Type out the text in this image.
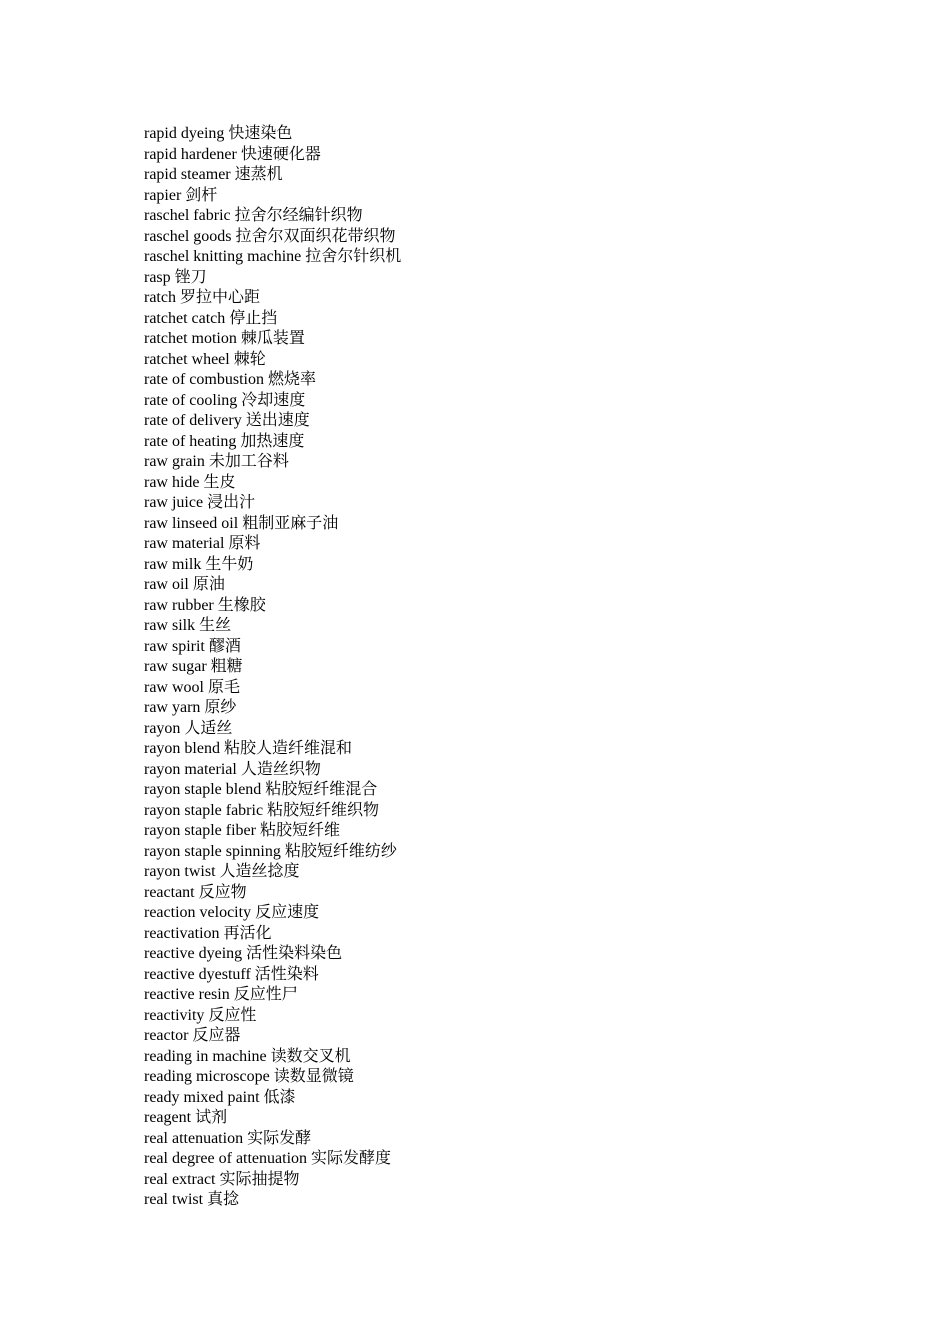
rapid dyeing 快速染色
rapid hardener 快速硬化器
rapid steamer 速蒸机
rapier 剑杆
raschel fabric 拉舍尔经编针织物
raschel goods 拉舍尔双面织花带织物
raschel knitting machine 拉舍尔针织机
rasp 锉刀
ratch 罗拉中心距
ratchet catch 停止挡
ratchet motion 棘瓜装置
ratchet wheel 棘轮
rate of combustion 燃烧率
rate of cooling 冷却速度
rate of delivery 送出速度
rate of heating 加热速度
raw grain 未加工谷料
raw hide 生皮
raw juice 浸出汁
raw linseed oil 粗制亚麻子油
raw material 原料
raw milk 生牛奶
raw oil 原油
raw rubber 生橡胶
raw silk 生丝
raw spirit 醪酒
raw sugar 粗糖
raw wool 原毛
raw yarn 原纱
rayon 人适丝
rayon blend 粘胶人造纤维混和
rayon material 人造丝织物
rayon staple blend 粘胶短纤维混合
rayon staple fabric 粘胶短纤维织物
rayon staple fiber 粘胶短纤维
rayon staple spinning 粘胶短纤维纺纱
rayon twist 人造丝捻度
reactant 反应物
reaction velocity 反应速度
reactivation 再活化
reactive dyeing 活性染料染色
reactive dyestuff 活性染料
reactive resin 反应性尸
reactivity 反应性
reactor 反应器
reading in machine 读数交叉机
reading microscope 读数显微镜
ready mixed paint 低漆
reagent 试剂
real attenuation 实际发酵
real degree of attenuation 实际发酵度
real extract 实际抽提物
real twist 真捻
